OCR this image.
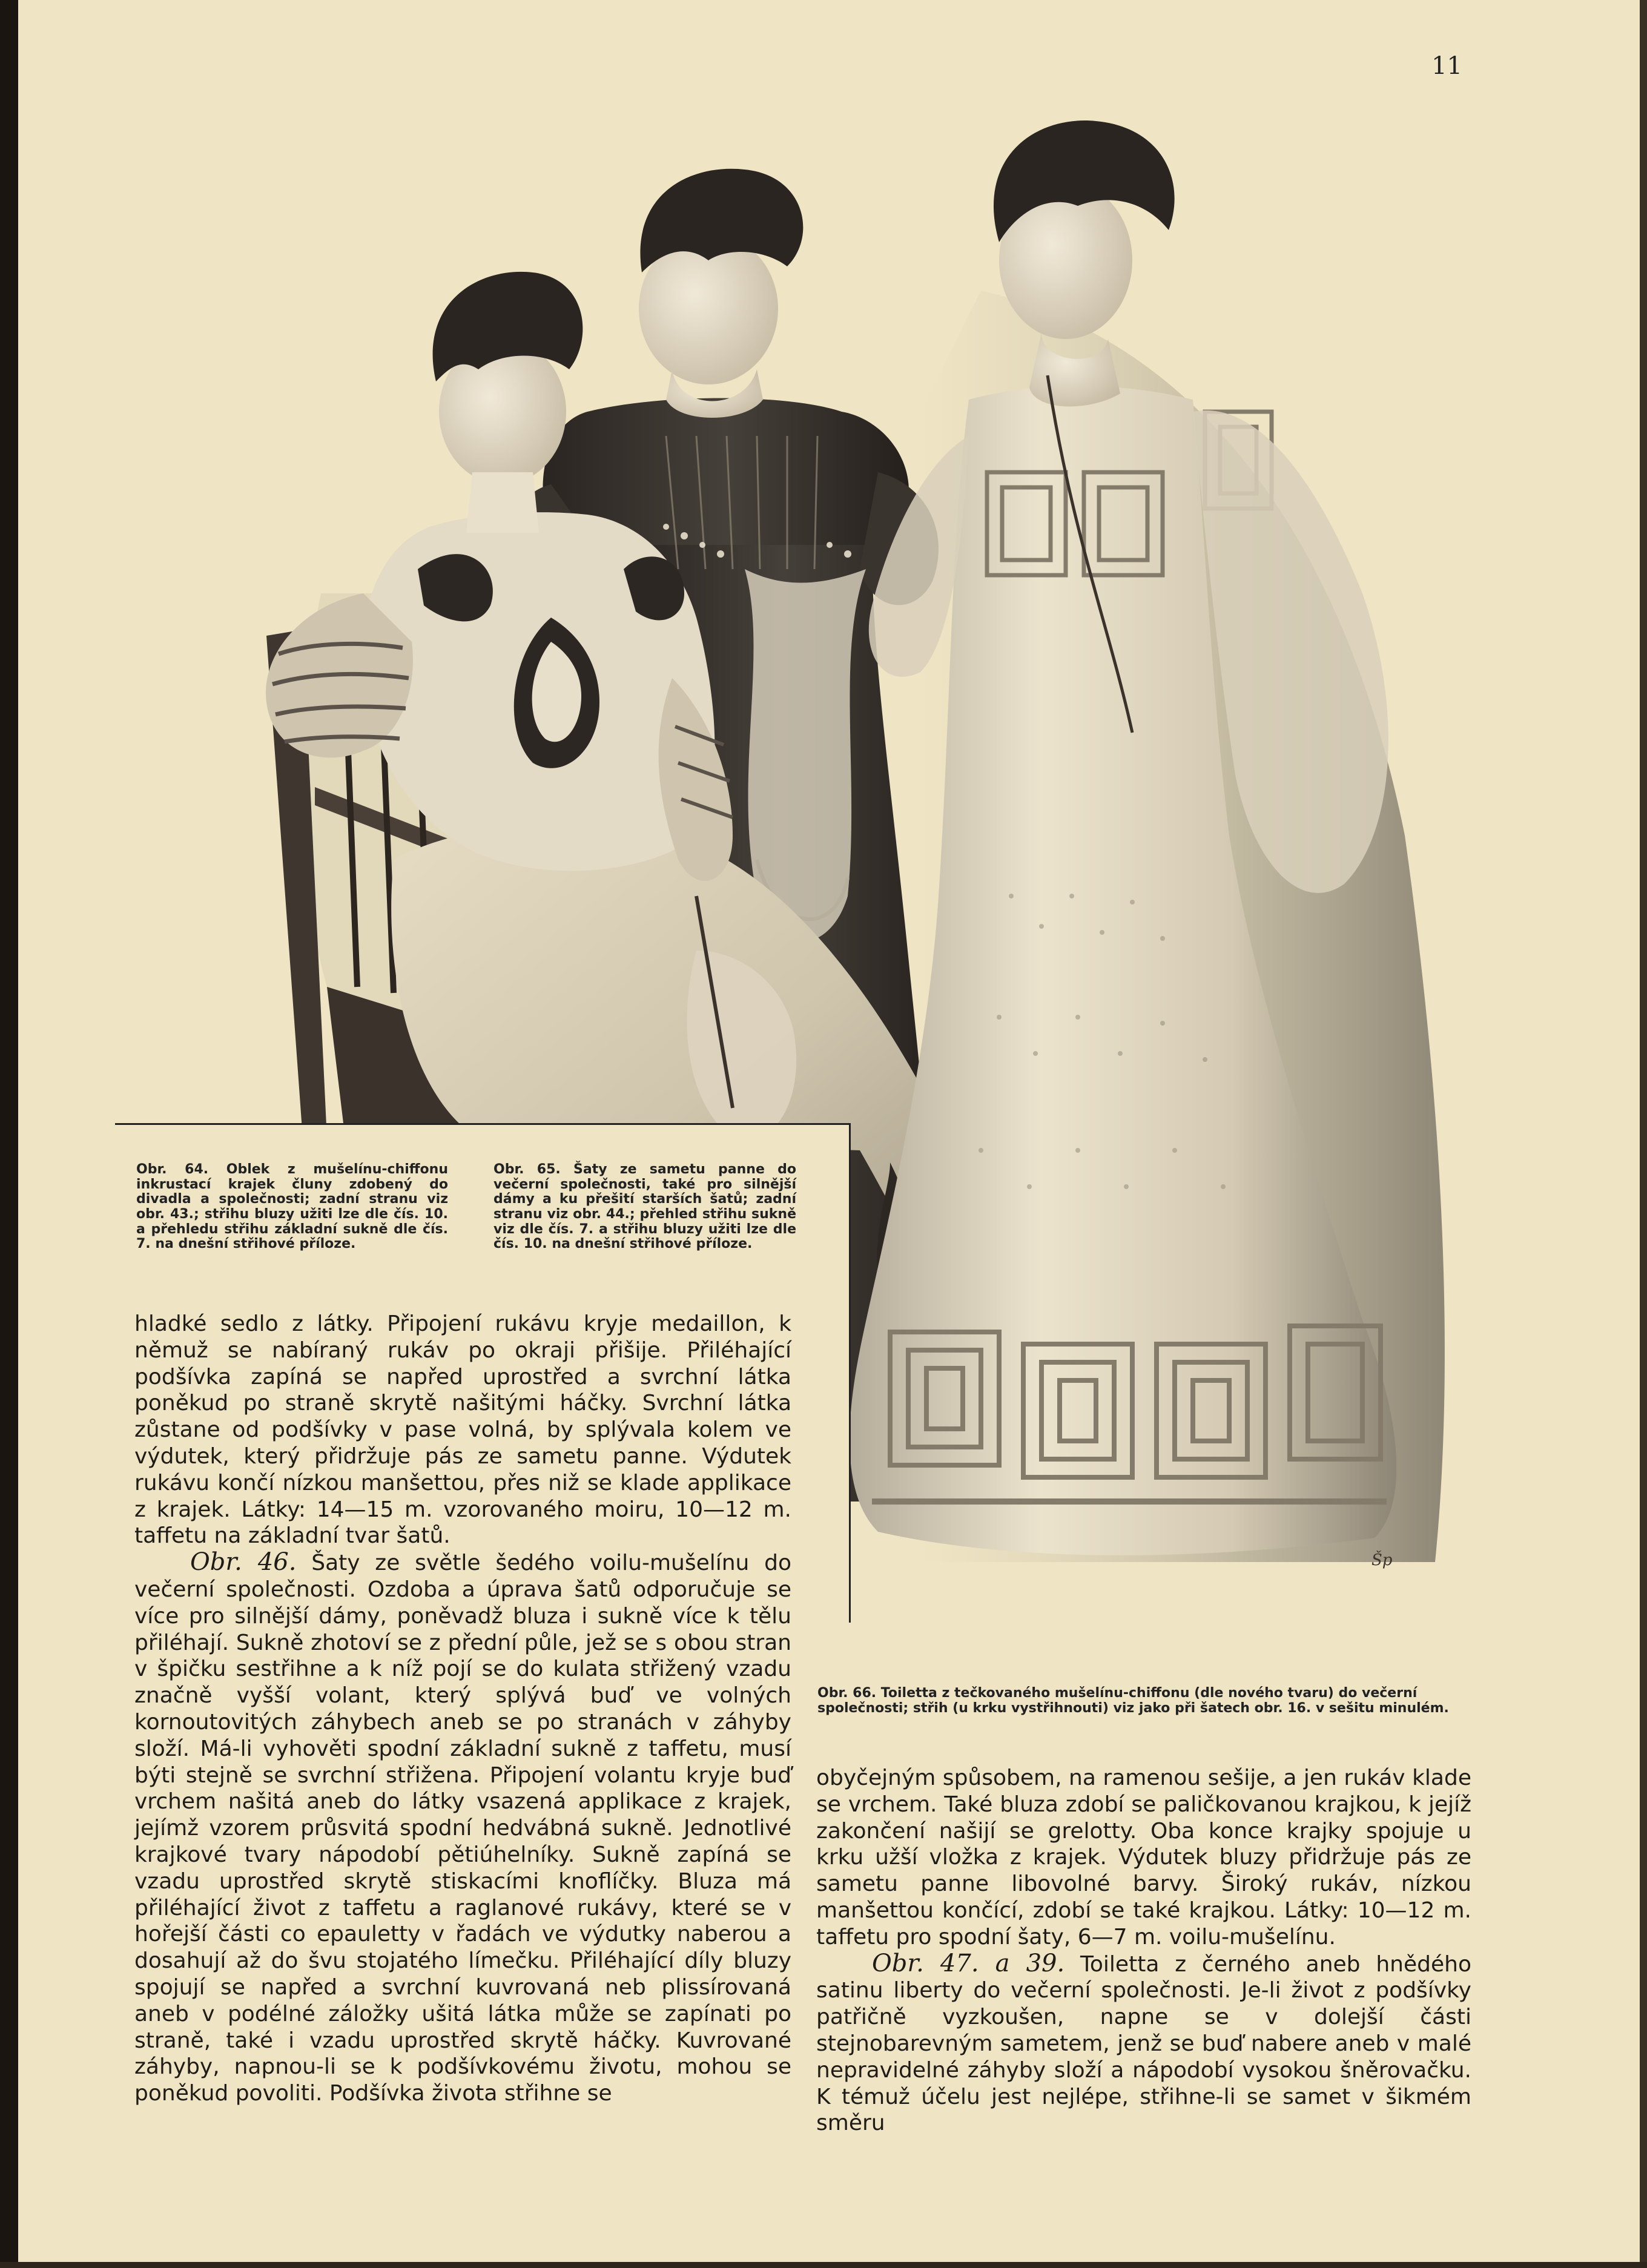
11
Šp
Obr. 64. Oblek z mušelínu-chiffonu inkrustací krajek čluny zdobený do divadla a společnosti; zadní stranu viz obr. 43.; střihu bluzy užiti lze dle čís. 10. a přehledu střihu základní sukně dle čís. 7. na dnešní střihové příloze.
Obr. 65. Šaty ze sametu panne do večerní společnosti, také pro silnější dámy a ku přešití starších šatů; zadní stranu viz obr. 44.; přehled střihu sukně viz dle čís. 7. a střihu bluzy užiti lze dle čís. 10. na dnešní střihové příloze.
Obr. 66. Toiletta z tečkovaného mušelínu-chiffonu (dle nového tvaru) do večerní společnosti; střih (u krku vystřihnouti) viz jako při šatech obr. 16. v sešitu minulém.

hladké sedlo z látky. Připojení rukávu kryje medaillon, k němuž se nabíraný rukáv po okraji přišije. Přiléhající podšívka zapíná se napřed uprostřed a svrchní látka poněkud po straně skrytě našitými háčky. Svrchní látka zůstane od podšívky v pase volná, by splývala kolem ve výdutek, který přidržuje pás ze sametu panne. Výdutek rukávu končí nízkou manšettou, přes niž se klade applikace z krajek. Látky: 14—15 m. vzorovaného moiru, 10—12 m. taffetu na základní tvar šatů.

Obr. 46. Šaty ze světle šedého voilu-mušelínu do večerní společnosti. Ozdoba a úprava šatů odporučuje se více pro silnější dámy, poněvadž bluza i sukně více k tělu přiléhají. Sukně zhotoví se z přední půle, jež se s obou stran v špičku sestřihne a k níž pojí se do kulata střižený vzadu značně vyšší volant, který splývá buď ve volných kornoutovitých záhybech aneb se po stranách v záhyby složí. Má-li vyhověti spodní základní sukně z taffetu, musí býti stejně se svrchní střižena. Připojení volantu kryje buď vrchem našitá aneb do látky vsazená applikace z krajek, jejímž vzorem průsvitá spodní hedvábná sukně. Jednotlivé krajkové tvary nápodobí pětiúhelníky. Sukně zapíná se vzadu uprostřed skrytě stiskacími knoflíčky. Bluza má přiléhající život z taffetu a raglanové rukávy, které se v hořejší části co epauletty v řadách ve výdutky naberou a dosahují až do švu stojatého límečku. Přiléhající díly bluzy spojují se napřed a svrchní kuvrovaná neb plissírovaná aneb v podélné záložky ušitá látka může se zapínati po straně, také i vzadu uprostřed skrytě háčky. Kuvrované záhyby, napnou-li se k podšívkovému životu, mohou se poněkud povoliti. Podšívka života střihne se

obyčejným spůsobem, na ramenou sešije, a jen rukáv klade se vrchem. Také bluza zdobí se paličkovanou krajkou, k jejíž zakončení našijí se grelotty. Oba konce krajky spojuje u krku užší vložka z krajek. Výdutek bluzy přidržuje pás ze sametu panne libovolné barvy. Široký rukáv, nízkou manšettou končící, zdobí se také krajkou. Látky: 10—12 m. taffetu pro spodní šaty, 6—7 m. voilu-mušelínu.

Obr. 47. a 39. Toiletta z černého aneb hnědého satinu liberty do večerní společnosti. Je-li život z podšívky patřičně vyzkoušen, napne se v dolejší části stejnobarevným sametem, jenž se buď nabere aneb v malé nepravidelné záhyby složí a nápodobí vysokou šněrovačku. K témuž účelu jest nejlépe, střihne-li se samet v šikmém směru
